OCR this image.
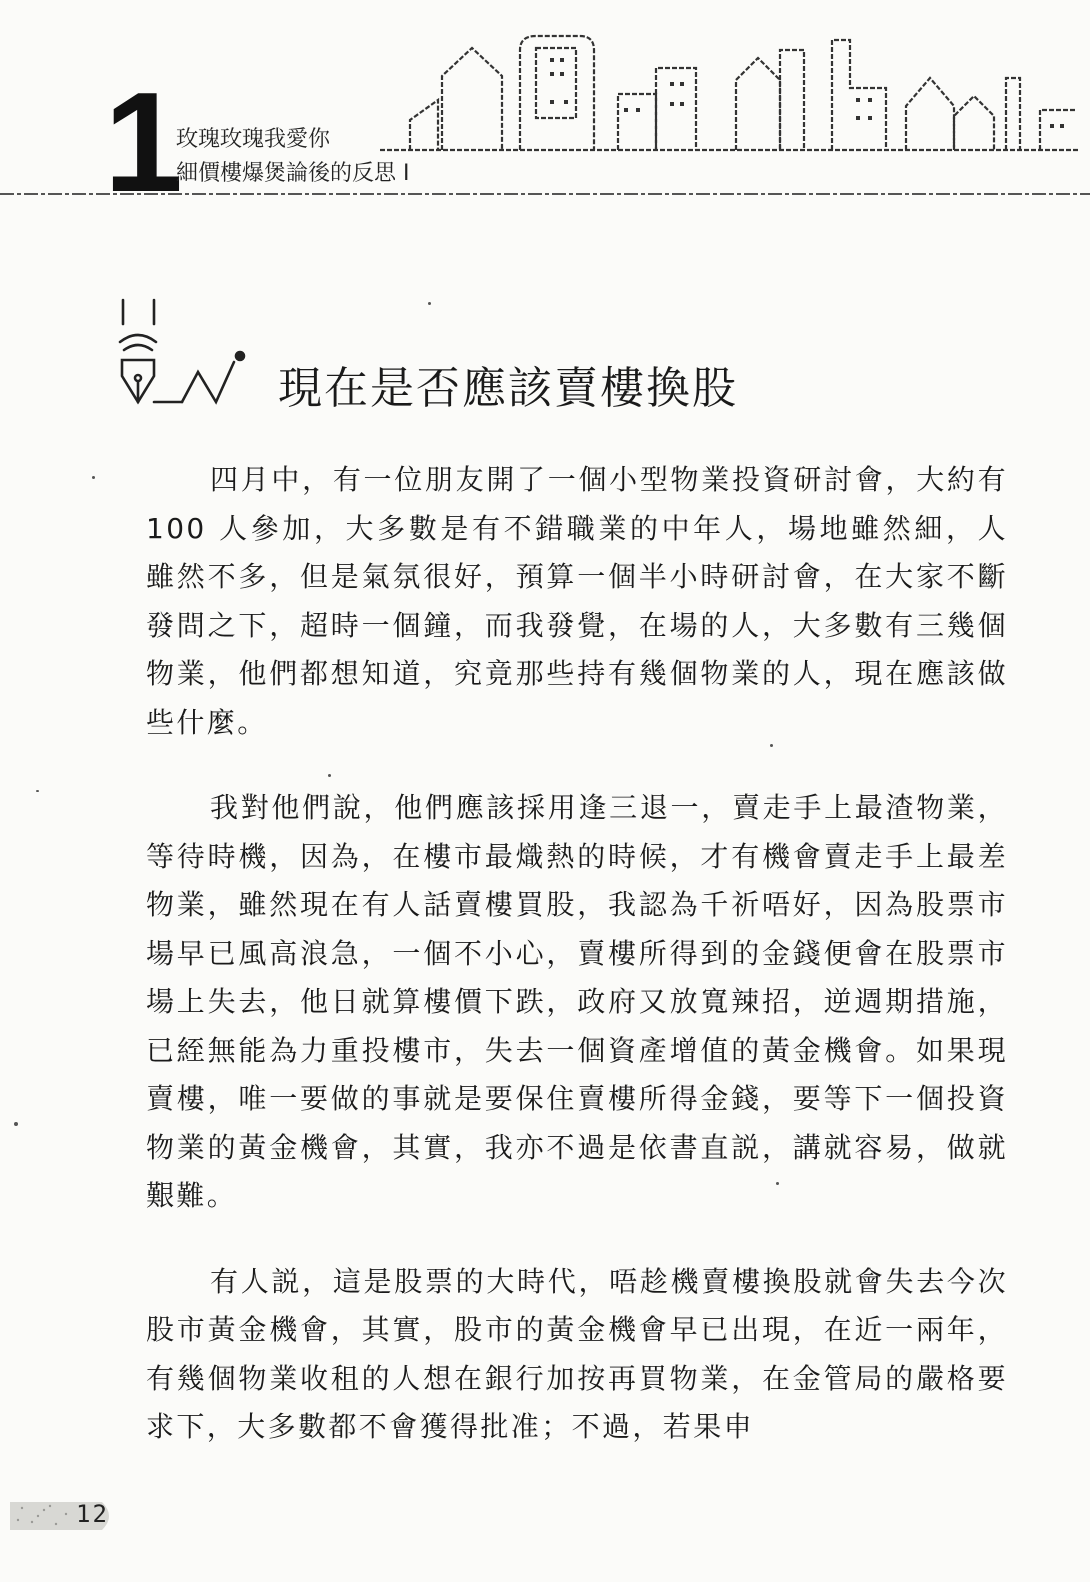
1
玫瑰玫瑰我愛你
細價樓爆煲論後的反思 I
現在是否應該賣樓換股

四月中，有一位朋友開了一個小型物業投資研討會，大約有 100 人參加，大多數是有不錯職業的中年人，場地雖然細，人雖然不多，但是氣氛很好，預算一個半小時研討會，在大家不斷發問之下，超時一個鐘，而我發覺，在場的人，大多數有三幾個物業，他們都想知道，究竟那些持有幾個物業的人，現在應該做些什麼。

我對他們說，他們應該採用逢三退一，賣走手上最渣物業，等待時機，因為，在樓市最熾熱的時候，才有機會賣走手上最差物業，雖然現在有人話賣樓買股，我認為千祈唔好，因為股票市場早已風高浪急，一個不小心，賣樓所得到的金錢便會在股票市場上失去，他日就算樓價下跌，政府又放寬辣招，逆週期措施，已絰無能為力重投樓市，失去一個資產增值的黃金機會。如果現賣樓，唯一要做的事就是要保住賣樓所得金錢，要等下一個投資物業的黃金機會，其實，我亦不過是依書直説，講就容易，做就艱難。

有人説，這是股票的大時代，唔趁機賣樓換股就會失去今次股市黃金機會，其實，股市的黃金機會早已出現，在近一兩年，有幾個物業收租的人想在銀行加按再買物業，在金管局的嚴格要求下，大多數都不會獲得批准；不過，若果申

12
